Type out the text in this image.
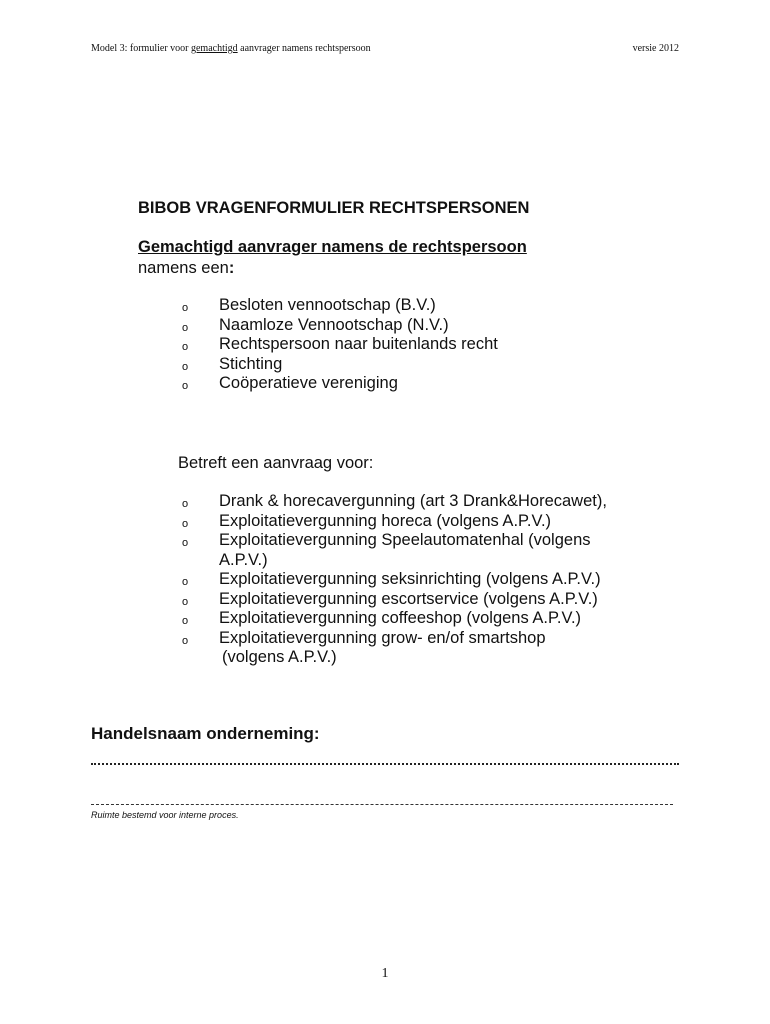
Model 3: formulier voor gemachtigd aanvrager namens rechtspersoon	versie 2012
BIBOB VRAGENFORMULIER RECHTSPERSONEN
Gemachtigd aanvrager namens de rechtspersoon
namens een:
o Besloten vennootschap (B.V.)
o Naamloze Vennootschap (N.V.)
o Rechtspersoon naar buitenlands recht
o Stichting
o Coöperatieve vereniging
Betreft een aanvraag voor:
o Drank & horecavergunning (art 3 Drank&Horecawet),
o Exploitatievergunning horeca (volgens A.P.V.)
o Exploitatievergunning Speelautomatenhal (volgens
A.P.V.)
o Exploitatievergunning seksinrichting (volgens A.P.V.)
o Exploitatievergunning escortservice (volgens A.P.V.)
o Exploitatievergunning coffeeshop (volgens A.P.V.)
o Exploitatievergunning grow- en/of smartshop
(volgens A.P.V.)
Handelsnaam onderneming:
Ruimte bestemd voor interne proces.
1
